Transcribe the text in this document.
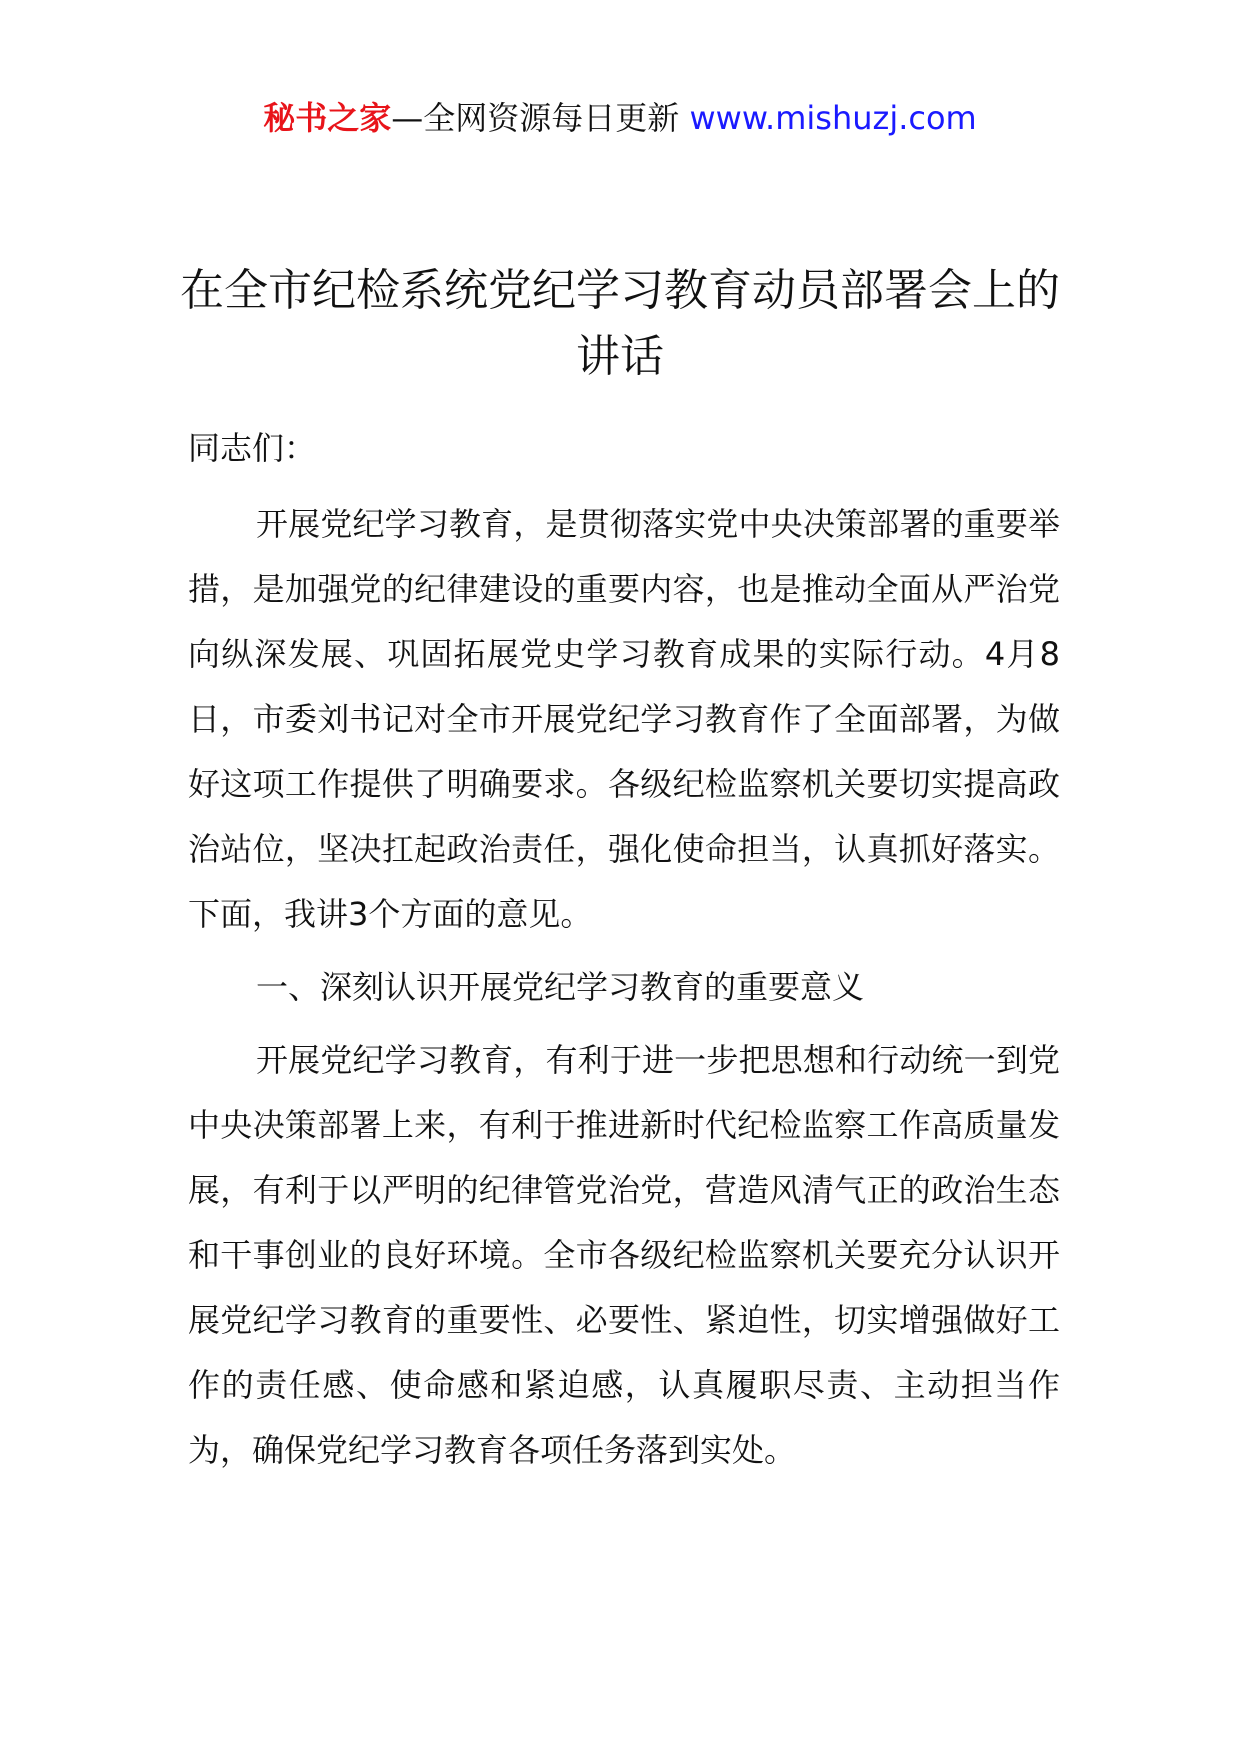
秘书之家—全网资源每日更新 www.mishuzj.com
在全市纪检系统党纪学习教育动员部署会上的讲话

同志们：

开展党纪学习教育，是贯彻落实党中央决策部署的重要举措，是加强党的纪律建设的重要内容，也是推动全面从严治党向纵深发展、巩固拓展党史学习教育成果的实际行动。4月8日，市委刘书记对全市开展党纪学习教育作了全面部署，为做好这项工作提供了明确要求。各级纪检监察机关要切实提高政治站位，坚决扛起政治责任，强化使命担当，认真抓好落实。下面，我讲3个方面的意见。

一、深刻认识开展党纪学习教育的重要意义

开展党纪学习教育，有利于进一步把思想和行动统一到党中央决策部署上来，有利于推进新时代纪检监察工作高质量发展，有利于以严明的纪律管党治党，营造风清气正的政治生态和干事创业的良好环境。全市各级纪检监察机关要充分认识开展党纪学习教育的重要性、必要性、紧迫性，切实增强做好工作的责任感、使命感和紧迫感，认真履职尽责、主动担当作为，确保党纪学习教育各项任务落到实处。
